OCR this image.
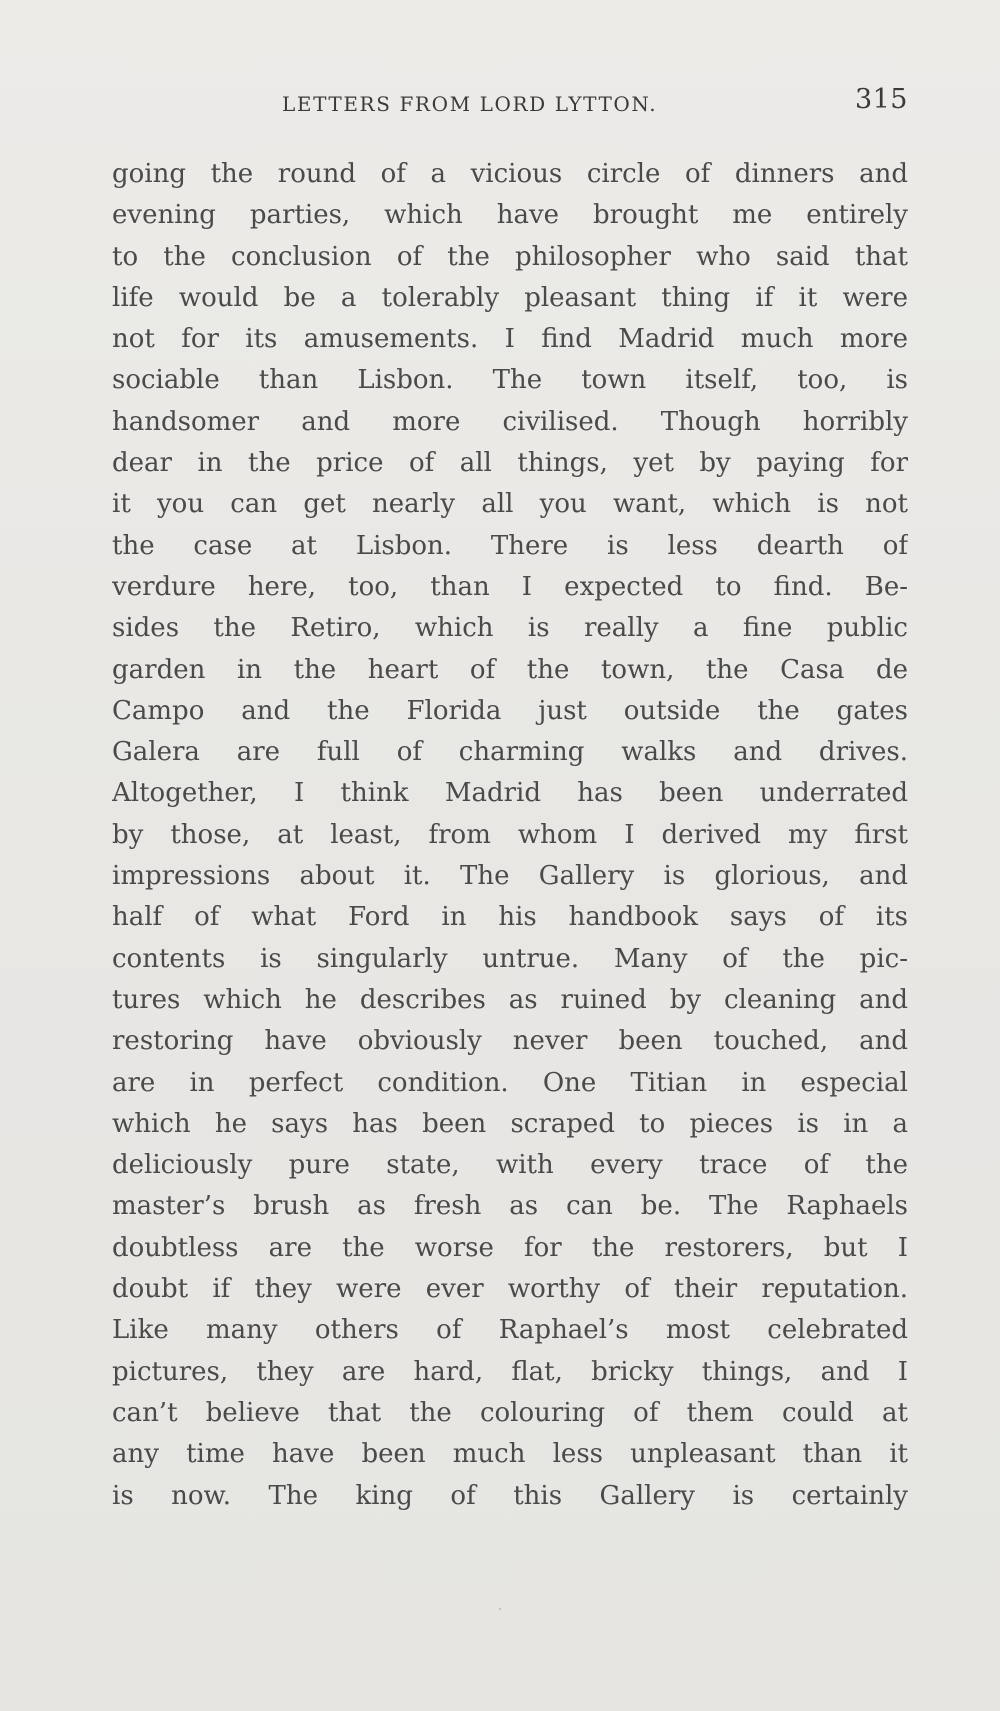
LETTERS FROM LORD LYTTON.	315
going the round of a vicious circle of dinners and
evening parties, which have brought me entirely
to the conclusion of the philosopher who said that
life would be a tolerably pleasant thing if it were
not for its amusements. I find Madrid much more
sociable than Lisbon. The town itself, too, is
handsomer and more civilised. Though horribly
dear in the price of all things, yet by paying for
it you can get nearly all you want, which is not
the case at Lisbon. There is less dearth of
verdure here, too, than I expected to find. Be-
sides the Retiro, which is really a fine public
garden in the heart of the town, the Casa de
Campo and the Florida just outside the gates
Galera are full of charming walks and drives.
Altogether, I think Madrid has been underrated
by those, at least, from whom I derived my first
impressions about it. The Gallery is glorious, and
half of what Ford in his handbook says of its
contents is singularly untrue. Many of the pic-
tures which he describes as ruined by cleaning and
restoring have obviously never been touched, and
are in perfect condition. One Titian in especial
which he says has been scraped to pieces is in a
deliciously pure state, with every trace of the
master’s brush as fresh as can be. The Raphaels
doubtless are the worse for the restorers, but I
doubt if they were ever worthy of their reputation.
Like many others of Raphael’s most celebrated
pictures, they are hard, flat, bricky things, and I
can’t believe that the colouring of them could at
any time have been much less unpleasant than it
is now. The king of this Gallery is certainly
